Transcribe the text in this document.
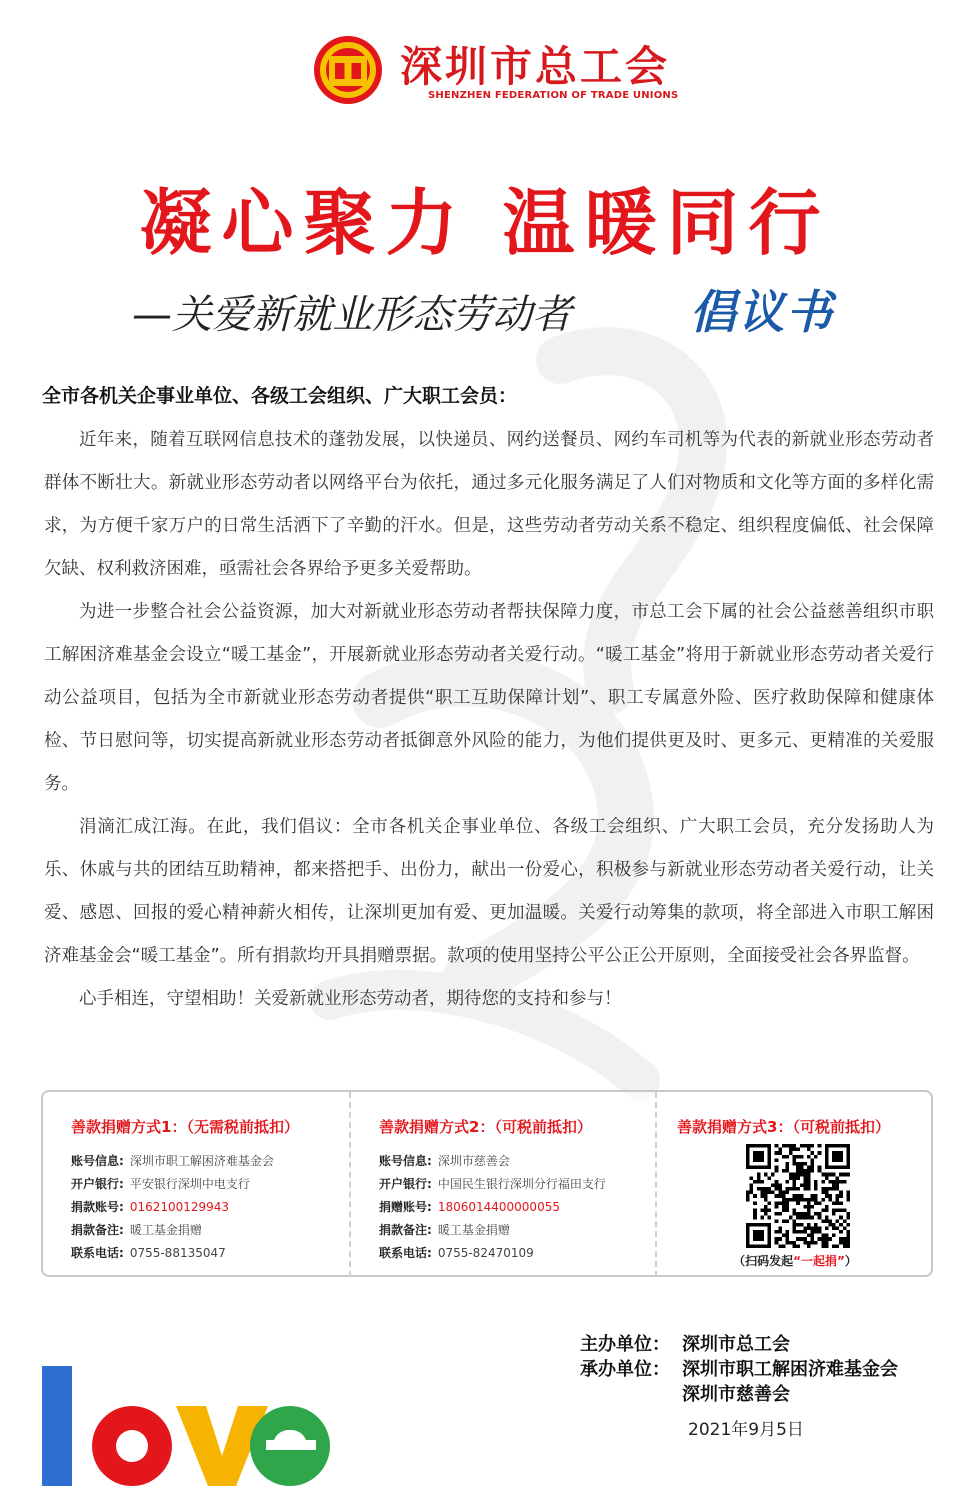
深圳市总工会
SHENZHEN FEDERATION OF TRADE UNIONS
凝心聚力 温暖同行
—关爱新就业形态劳动者	倡议书
全市各机关企事业单位、各级工会组织、广大职工会员：

近年来，随着互联网信息技术的蓬勃发展，以快递员、网约送餐员、网约车司机等为代表的新就业形态劳动者群体不断壮大。新就业形态劳动者以网络平台为依托，通过多元化服务满足了人们对物质和文化等方面的多样化需求，为方便千家万户的日常生活洒下了辛勤的汗水。但是，这些劳动者劳动关系不稳定、组织程度偏低、社会保障欠缺、权利救济困难，亟需社会各界给予更多关爱帮助。

为进一步整合社会公益资源，加大对新就业形态劳动者帮扶保障力度，市总工会下属的社会公益慈善组织市职工解困济难基金会设立“暖工基金”，开展新就业形态劳动者关爱行动。“暖工基金”将用于新就业形态劳动者关爱行动公益项目，包括为全市新就业形态劳动者提供“职工互助保障计划”、职工专属意外险、医疗救助保障和健康体检、节日慰问等，切实提高新就业形态劳动者抵御意外风险的能力，为他们提供更及时、更多元、更精准的关爱服务。

涓滴汇成江海。在此，我们倡议：全市各机关企事业单位、各级工会组织、广大职工会员，充分发扬助人为乐、休戚与共的团结互助精神，都来搭把手、出份力，献出一份爱心，积极参与新就业形态劳动者关爱行动，让关爱、感恩、回报的爱心精神薪火相传，让深圳更加有爱、更加温暖。关爱行动筹集的款项，将全部进入市职工解困济难基金会“暖工基金”。所有捐款均开具捐赠票据。款项的使用坚持公平公正公开原则，全面接受社会各界监督。

心手相连，守望相助！关爱新就业形态劳动者，期待您的支持和参与！

善款捐赠方式1：（无需税前抵扣）
账号信息: 深圳市职工解困济难基金会
开户银行: 平安银行深圳中电支行
捐款账号: 0162100129943
捐款备注: 暖工基金捐赠
联系电话: 0755-88135047
善款捐赠方式2：（可税前抵扣）
账号信息: 深圳市慈善会
开户银行: 中国民生银行深圳分行福田支行
捐赠账号: 1806014400000055
捐款备注: 暖工基金捐赠
联系电话: 0755-82470109
善款捐赠方式3：（可税前抵扣）
（扫码发起“一起捐”）
主办单位： 深圳市总工会
承办单位： 深圳市职工解困济难基金会
深圳市慈善会
2021年9月5日
